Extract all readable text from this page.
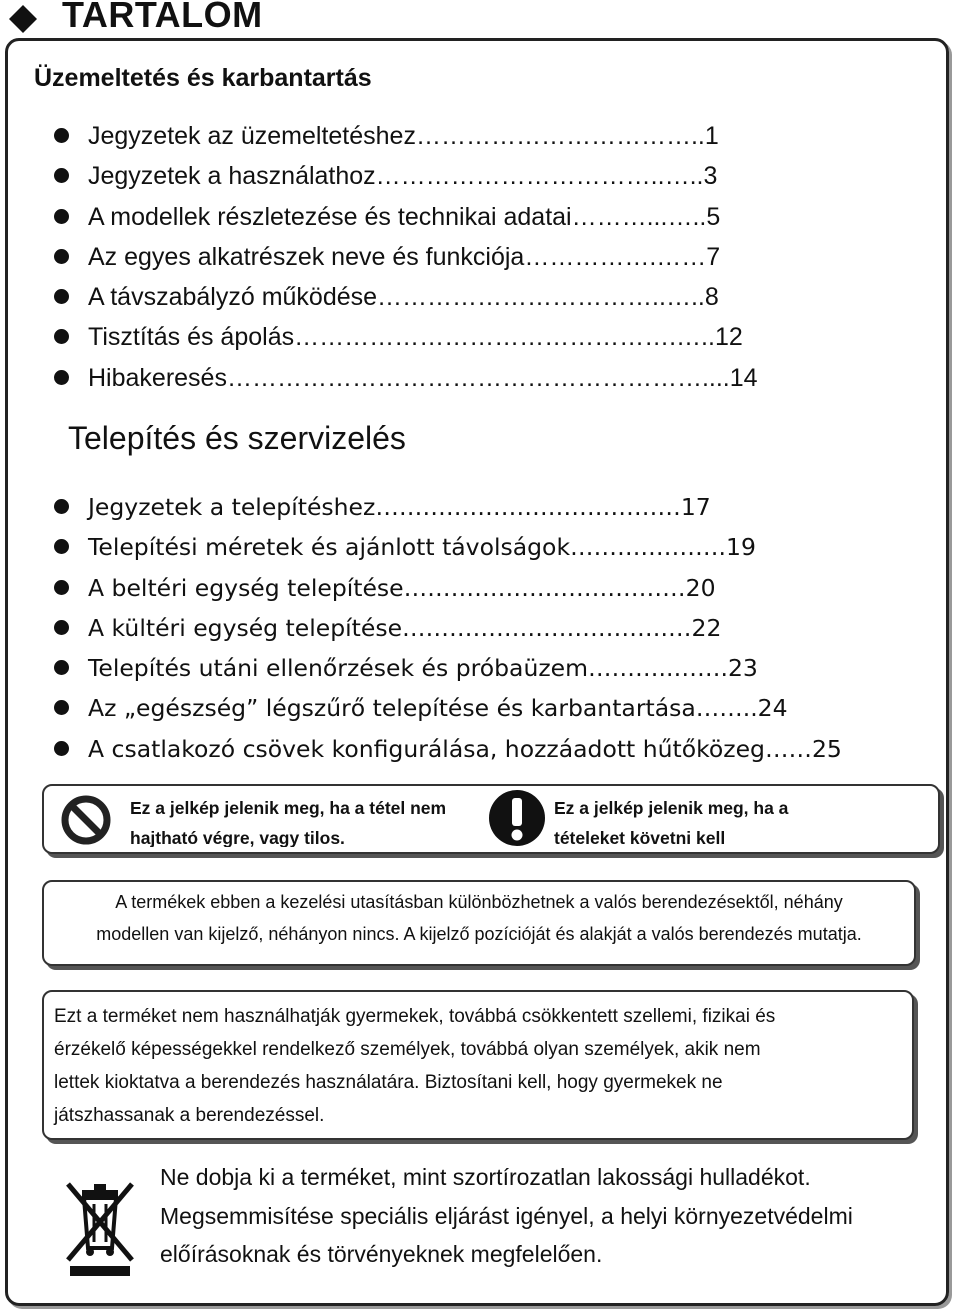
TARTALOM
Üzemeltetés és karbantartás
Jegyzetek az üzemeltetéshez……………………………..1
Jegyzetek a használathoz……………………………..…..3
A modellek részletezése és technikai adatai………...…..5
Az egyes alkatrészek neve és funkciója…………….……7
A távszabályzó működése……………………………..…..8
Tisztítás és ápolás……………………………………….…..12
Hibakeresés…………………………………………………....14
Telepítés és szervizelés
Jegyzetek a telepítéshez…………………………………17
Telepítési méretek és ajánlott távolságok……….……….19
A beltéri egység telepítése………………………………20
A kültéri egység telepítése…………………………….…22
Telepítés utáni ellenőrzések és próbaüzem………..…….23
Az „egészség” légszűrő telepítése és karbantartása……..24
A csatlakozó csövek konfigurálása, hozzáadott hűtőközeg……25
Ez a jelkép jelenik meg, ha a tétel nem hajtható végre, vagy tilos.
Ez a jelkép jelenik meg, ha a tételeket követni kell
A termékek ebben a kezelési utasításban különbözhetnek a valós berendezésektől, néhány
modellen van kijelző, néhányon nincs. A kijelző pozícióját és alakját a valós berendezés mutatja.
Ezt a terméket nem használhatják gyermekek, továbbá csökkentett szellemi, fizikai és
érzékelő képességekkel rendelkező személyek, továbbá olyan személyek, akik nem
lettek kioktatva a berendezés használatára. Biztosítani kell, hogy gyermekek ne
játszhassanak a berendezéssel.
Ne dobja ki a terméket, mint szortírozatlan lakossági hulladékot.
Megsemmisítése speciális eljárást igényel, a helyi környezetvédelmi
előírásoknak és törvényeknek megfelelően.
